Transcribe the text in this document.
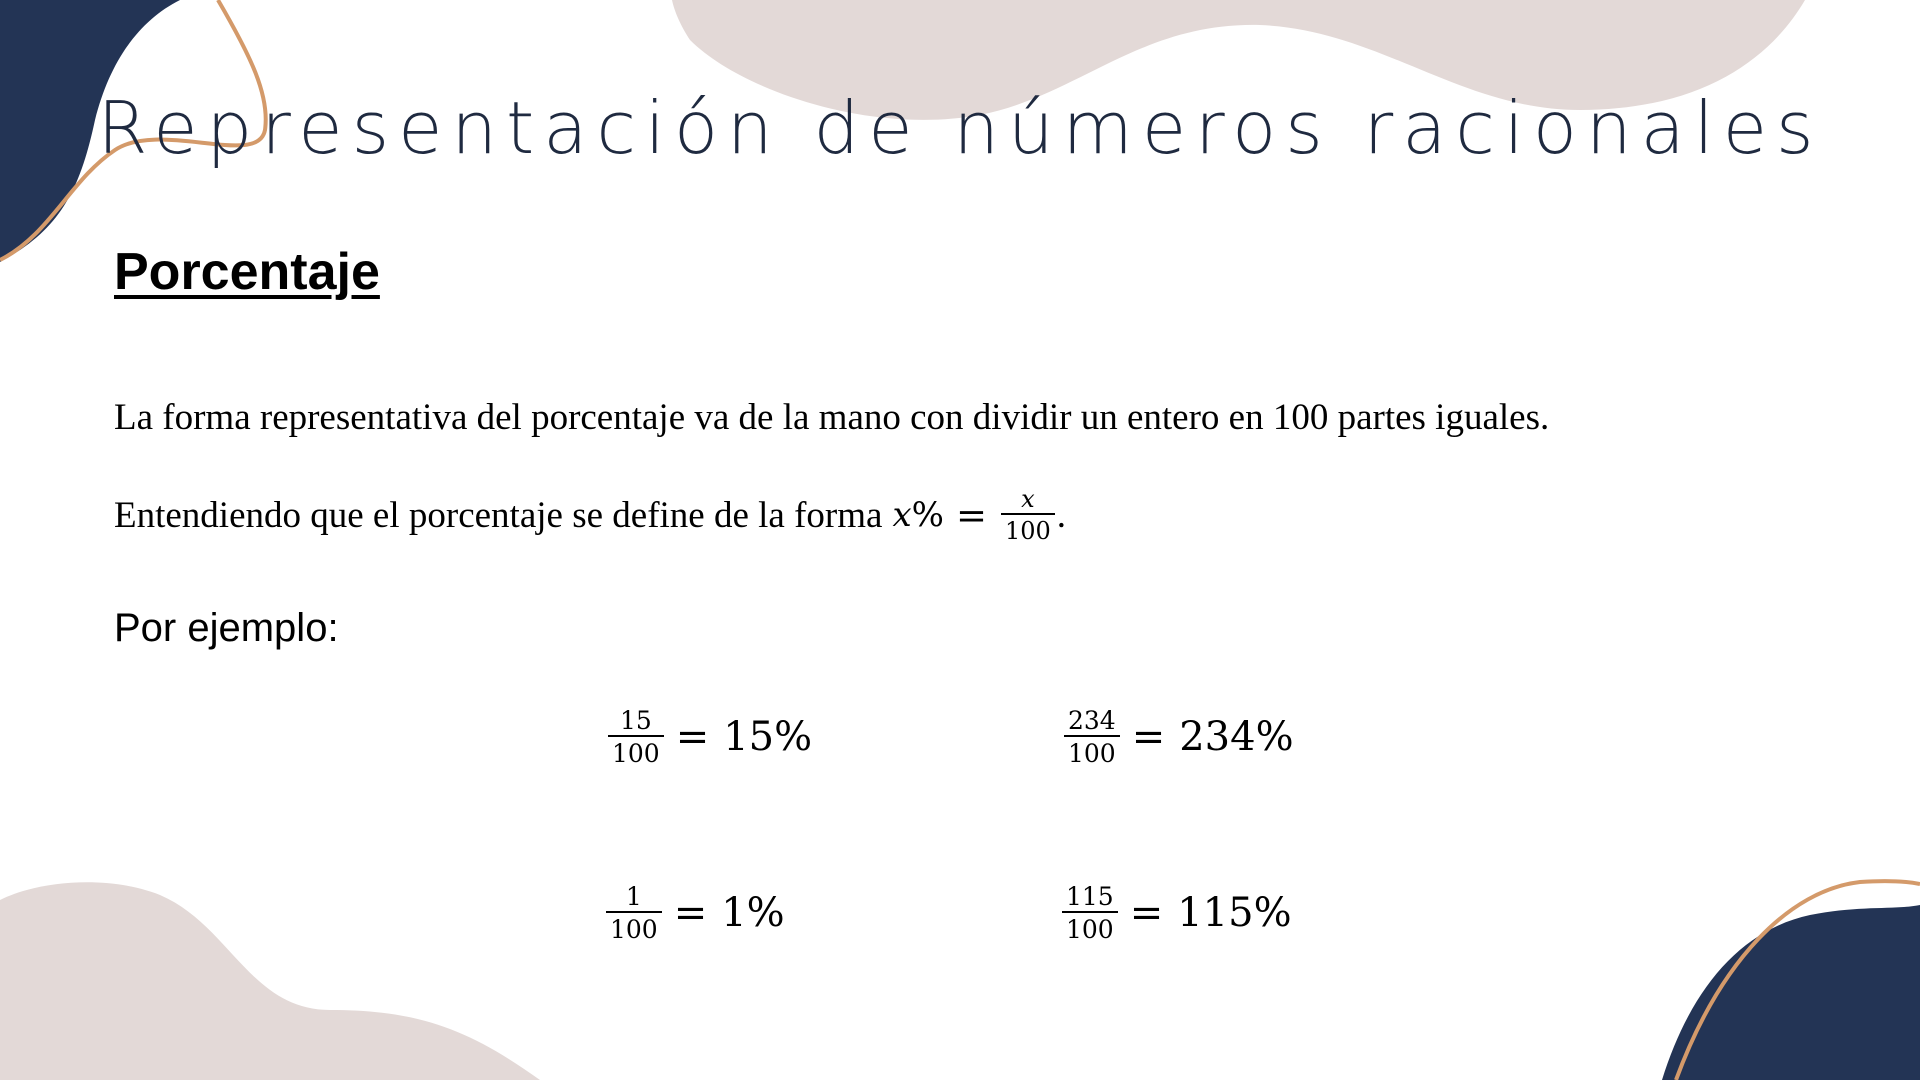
Representación de números racionales
Porcentaje
La forma representativa del porcentaje va de la mano con dividir un entero en 100 partes iguales.
Entendiendo que el porcentaje se define de la forma x % = $\frac{x}{100}$ .
Por ejemplo:
$\frac{15}{100} = 15\%$	$\frac{234}{100} = 234\%$
$\frac{1}{100} = 1\%$	$\frac{115}{100} = 115\%$
